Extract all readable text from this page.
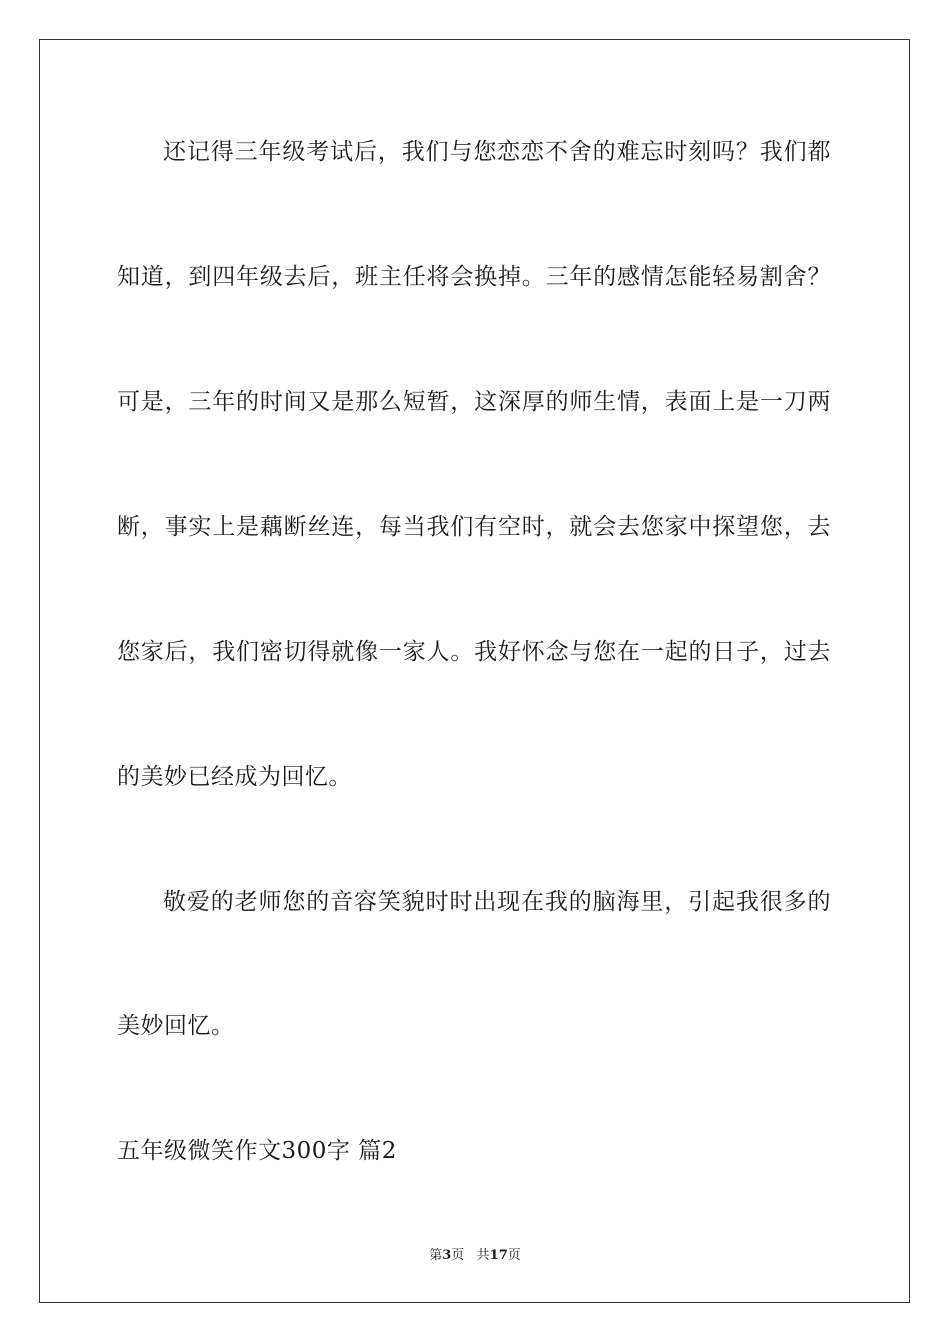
还记得三年级考试后，我们与您恋恋不舍的难忘时刻吗？我们都
知道，到四年级去后，班主任将会换掉。三年的感情怎能轻易割舍？
可是，三年的时间又是那么短暂，这深厚的师生情，表面上是一刀两
断，事实上是藕断丝连，每当我们有空时，就会去您家中探望您，去
您家后，我们密切得就像一家人。我好怀念与您在一起的日子，过去
的美妙已经成为回忆。
敬爱的老师您的音容笑貌时时出现在我的脑海里，引起我很多的
美妙回忆。
五年级微笑作文300字 篇2
第3页   共17页
